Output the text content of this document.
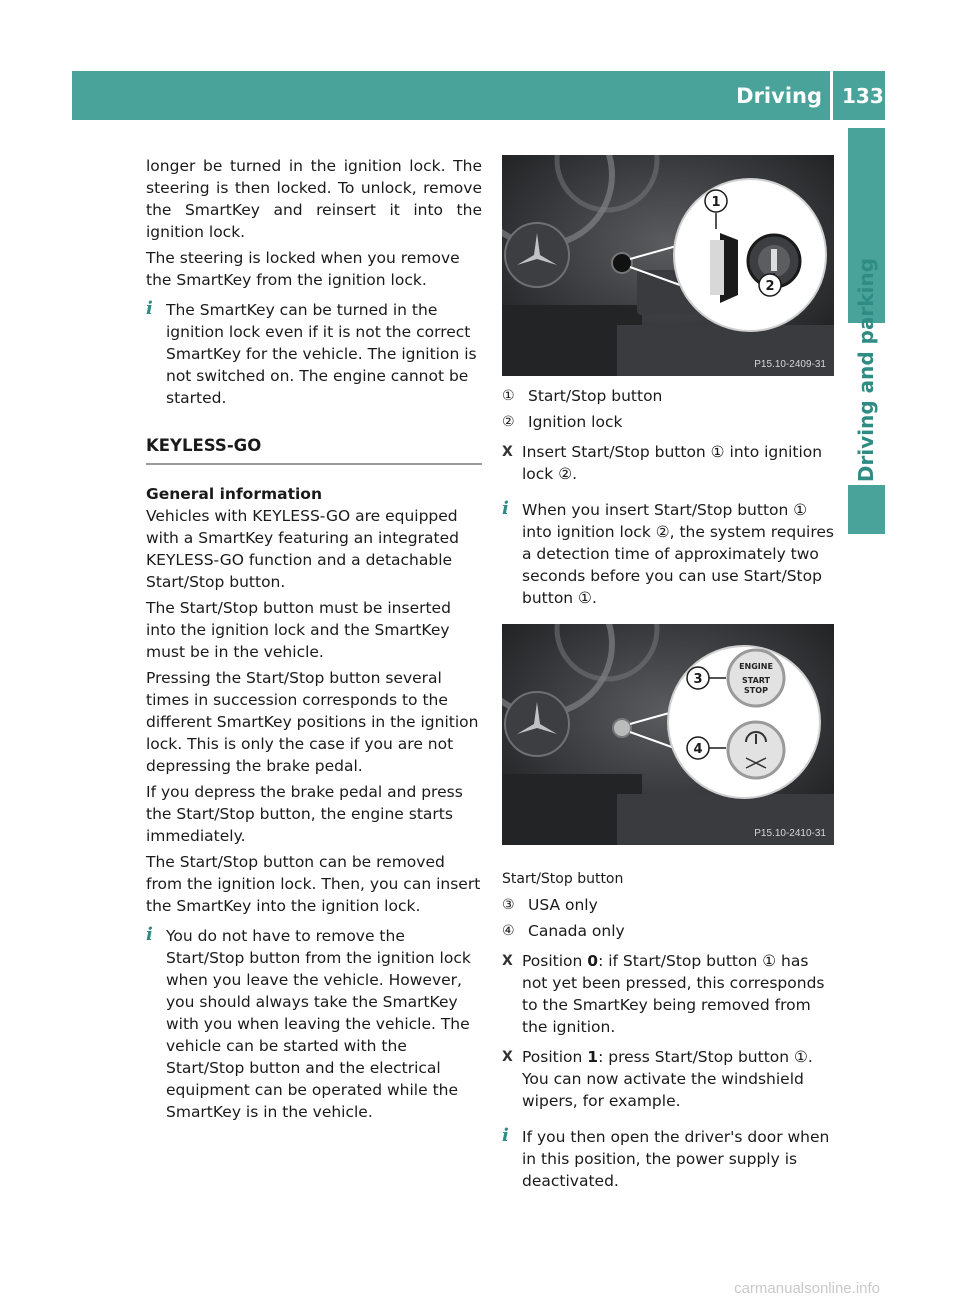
Driving 133
Driving and parking

longer be turned in the ignition lock. The steering is then locked. To unlock, remove the SmartKey and reinsert it into the ignition lock.

The steering is locked when you remove the SmartKey from the ignition lock.

i The SmartKey can be turned in the ignition lock even if it is not the correct SmartKey for the vehicle. The ignition is not switched on. The engine cannot be started.
KEYLESS-GO
General information

Vehicles with KEYLESS-GO are equipped with a SmartKey featuring an integrated KEYLESS-GO function and a detachable Start/Stop button.

The Start/Stop button must be inserted into the ignition lock and the SmartKey must be in the vehicle.

Pressing the Start/Stop button several times in succession corresponds to the different SmartKey positions in the ignition lock. This is only the case if you are not depressing the brake pedal.

If you depress the brake pedal and press the Start/Stop button, the engine starts immediately.

The Start/Stop button can be removed from the ignition lock. Then, you can insert the SmartKey into the ignition lock.

i You do not have to remove the Start/Stop button from the ignition lock when you leave the vehicle. However, you should always take the SmartKey with you when leaving the vehicle. The vehicle can be started with the Start/Stop button and the electrical equipment can be operated while the SmartKey is in the vehicle.
1
2
P15.10-2409-31
ENGINE
START
STOP
3
4
P15.10-2410-31
① Start/Stop button
② Ignition lock
X Insert Start/Stop button ① into ignition lock ②.
i When you insert Start/Stop button ① into ignition lock ②, the system requires a detection time of approximately two seconds before you can use Start/Stop button ①.
Start/Stop button
③ USA only
④ Canada only
X Position 0: if Start/Stop button ① has not yet been pressed, this corresponds to the SmartKey being removed from the ignition.
X Position 1: press Start/Stop button ①. You can now activate the windshield wipers, for example.
i If you then open the driver's door when in this position, the power supply is deactivated.
carmanualsonline.info
